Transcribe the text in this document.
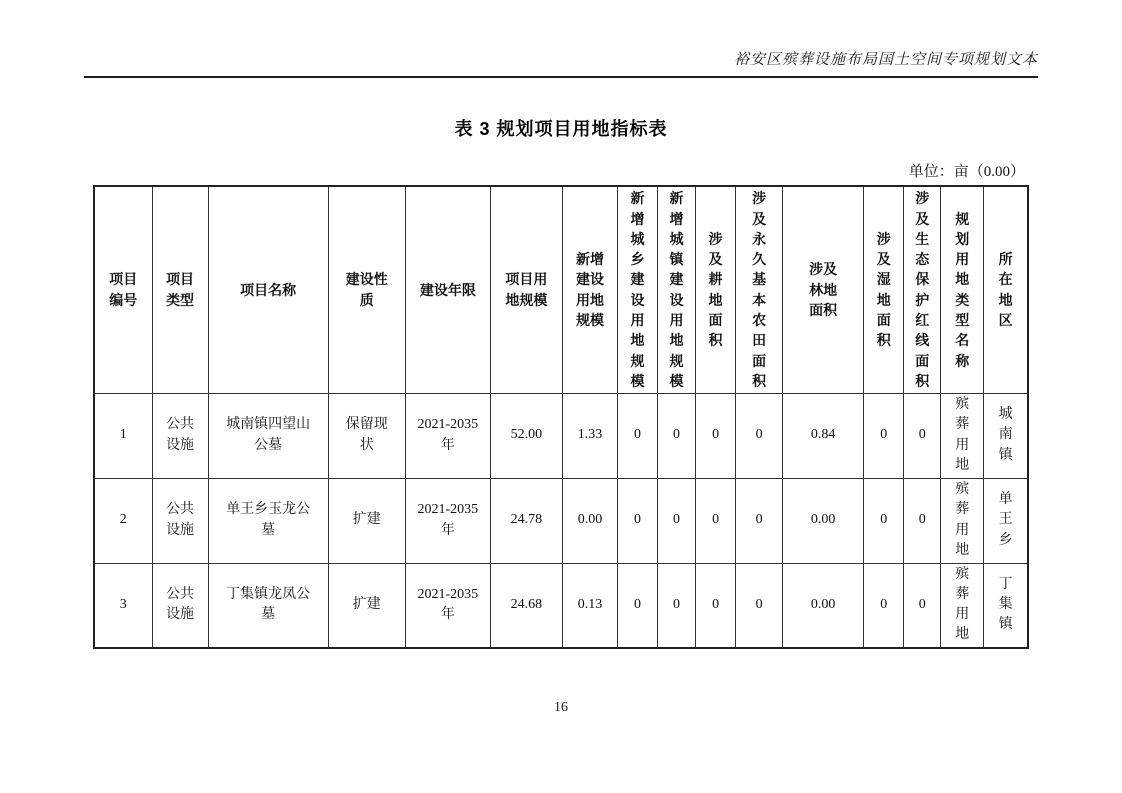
裕安区殡葬设施布局国土空间专项规划文本
表 3 规划项目用地指标表
单位：亩（0.00）
项目编号	项目类型	项目名称	建设性质	建设年限	项目用地规模	新增建设用地规模	新增城乡建设用地规模	新增城镇建设用地规模	涉及耕地面积	涉及永久基本农田面积	涉及林地面积	涉及湿地面积	涉及生态保护红线面积	规划用地类型名称	所在地区
1	公共设施	城南镇四望山公墓	保留现状	2021-2035年	52.00	1.33	0	0	0	0	0.84	0	0	殡葬用地	城南镇
2	公共设施	单王乡玉龙公墓	扩建	2021-2035年	24.78	0.00	0	0	0	0	0.00	0	0	殡葬用地	单王乡
3	公共设施	丁集镇龙凤公墓	扩建	2021-2035年	24.68	0.13	0	0	0	0	0.00	0	0	殡葬用地	丁集镇
16
